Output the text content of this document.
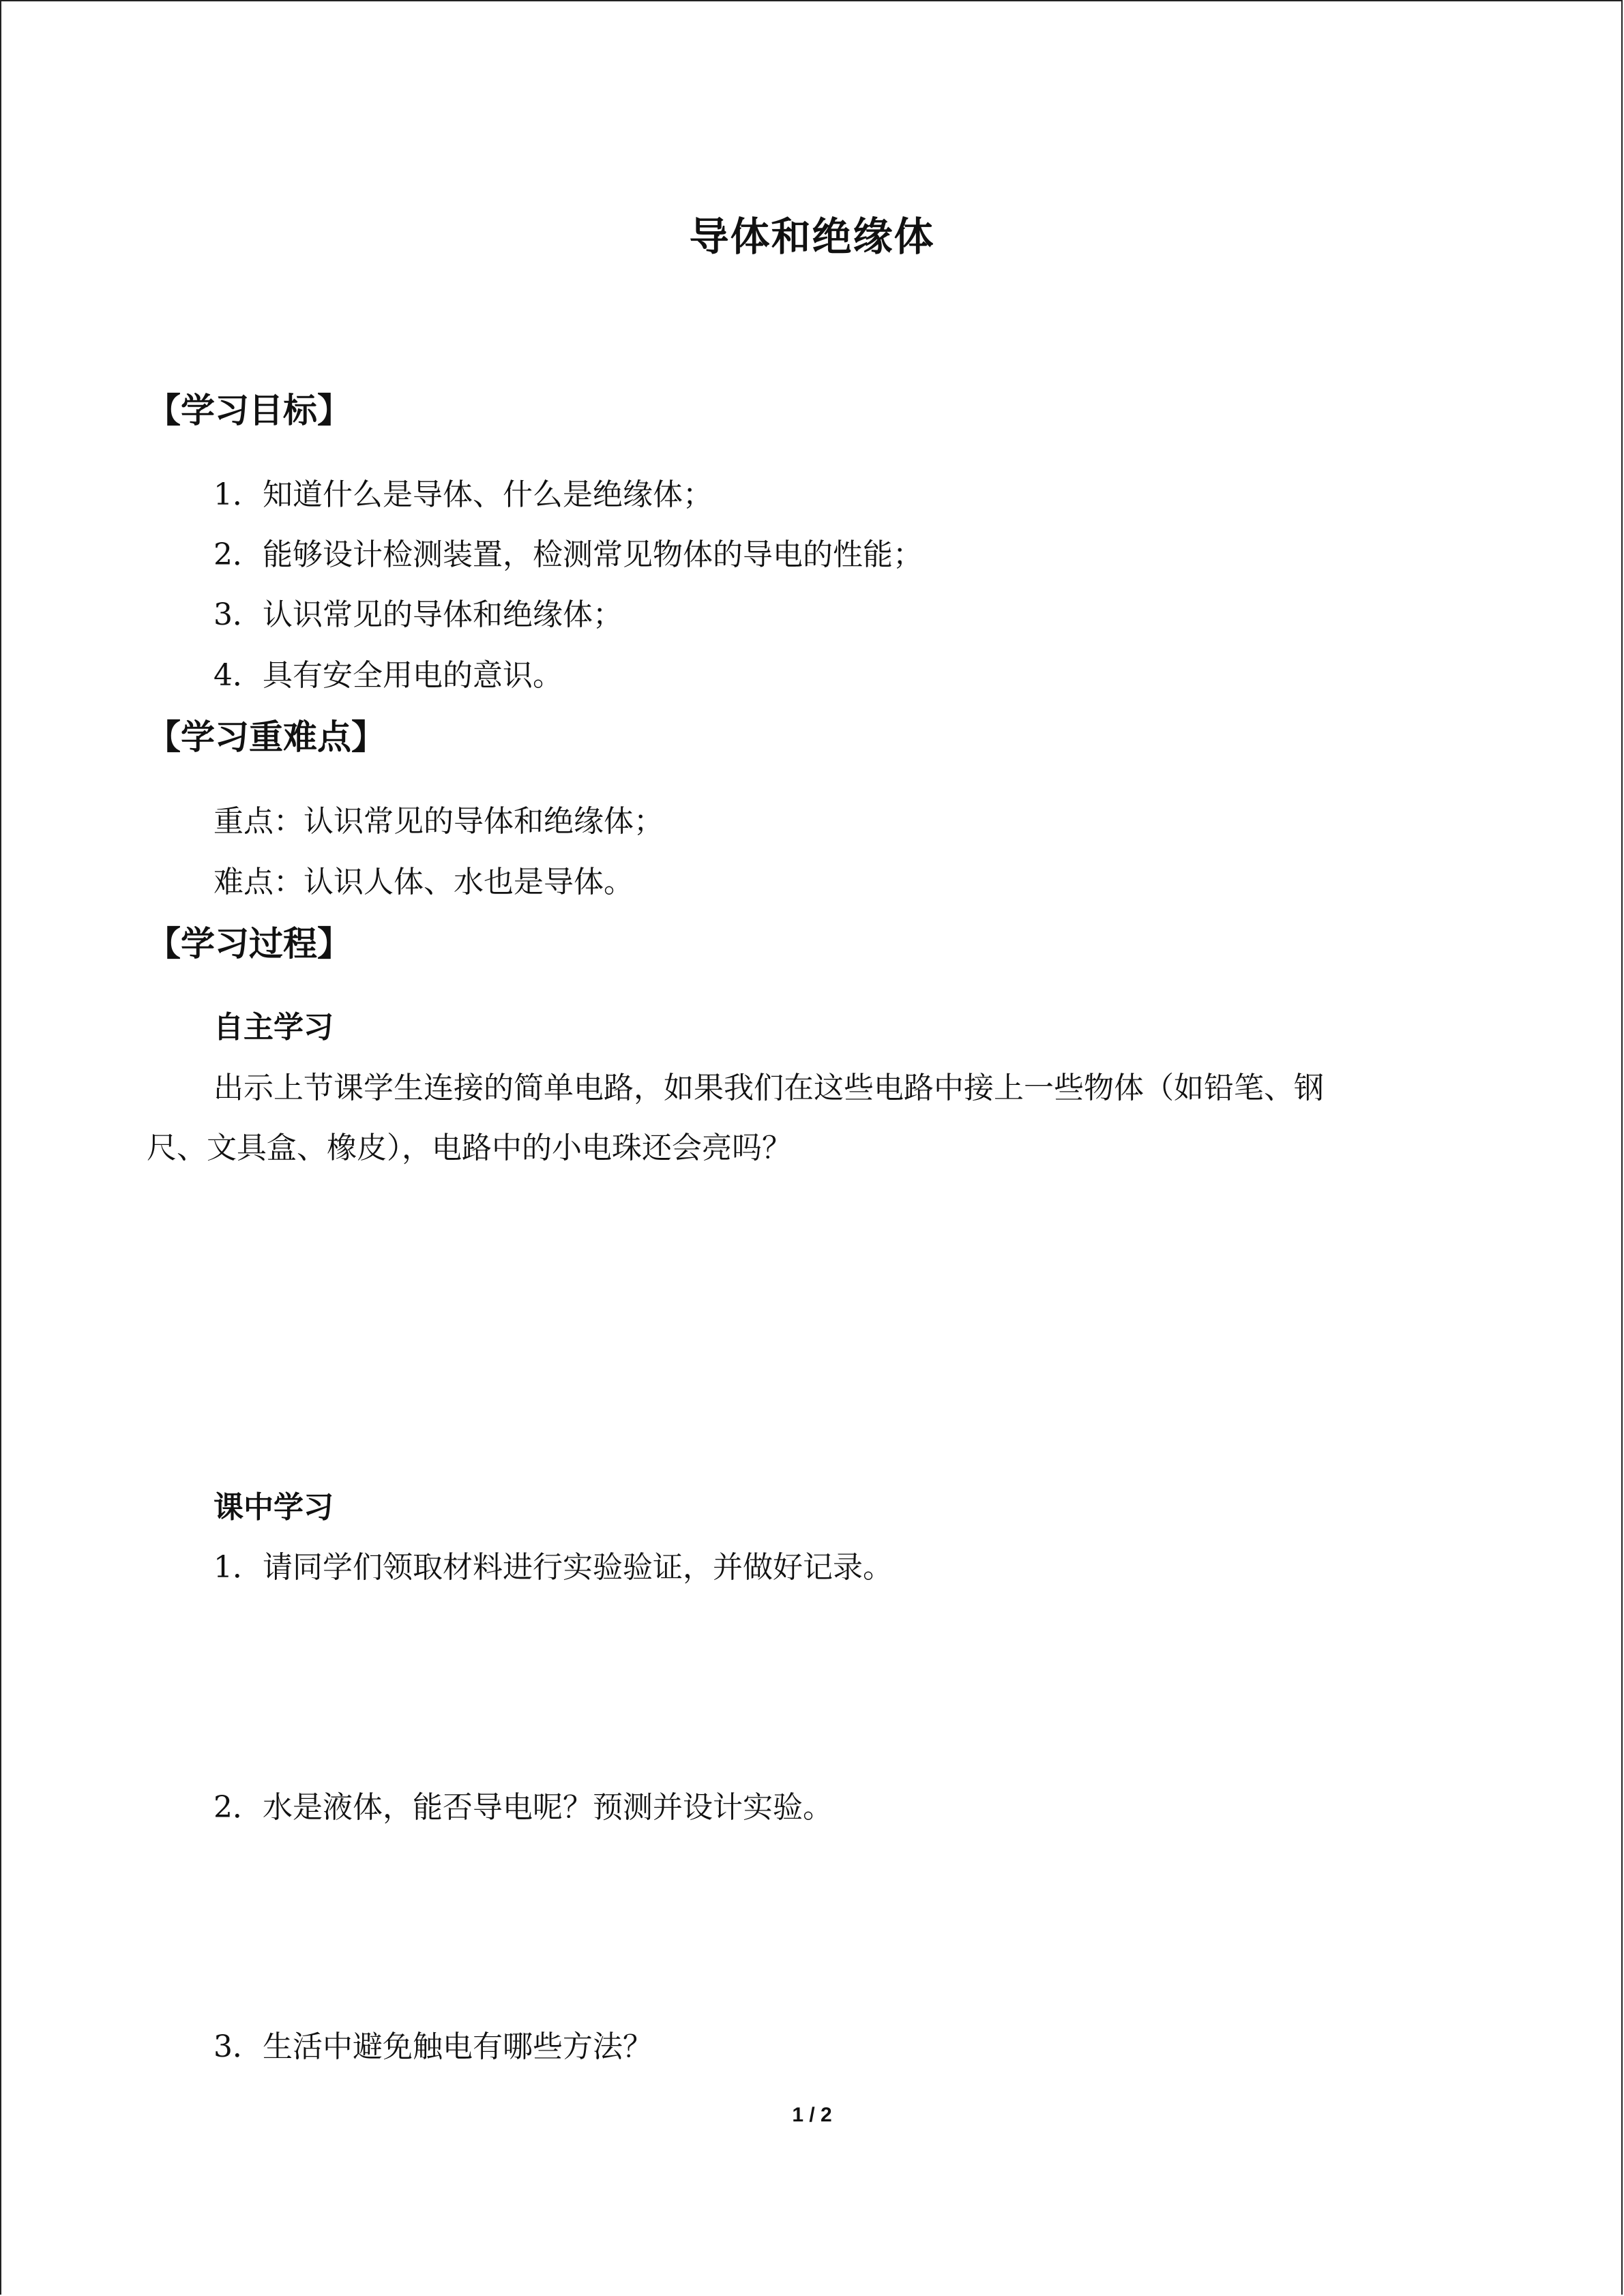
导体和绝缘体
【学习目标】
1．知道什么是导体、什么是绝缘体；
2．能够设计检测装置，检测常见物体的导电的性能；
3．认识常见的导体和绝缘体；
4．具有安全用电的意识。
【学习重难点】
重点：认识常见的导体和绝缘体；
难点：认识人体、水也是导体。
【学习过程】
自主学习
出示上节课学生连接的简单电路，如果我们在这些电路中接上一些物体（如铅笔、钢
尺、文具盒、橡皮），电路中的小电珠还会亮吗？
课中学习
1．请同学们领取材料进行实验验证，并做好记录。
2．水是液体，能否导电呢？预测并设计实验。
3．生活中避免触电有哪些方法？
1 / 2
